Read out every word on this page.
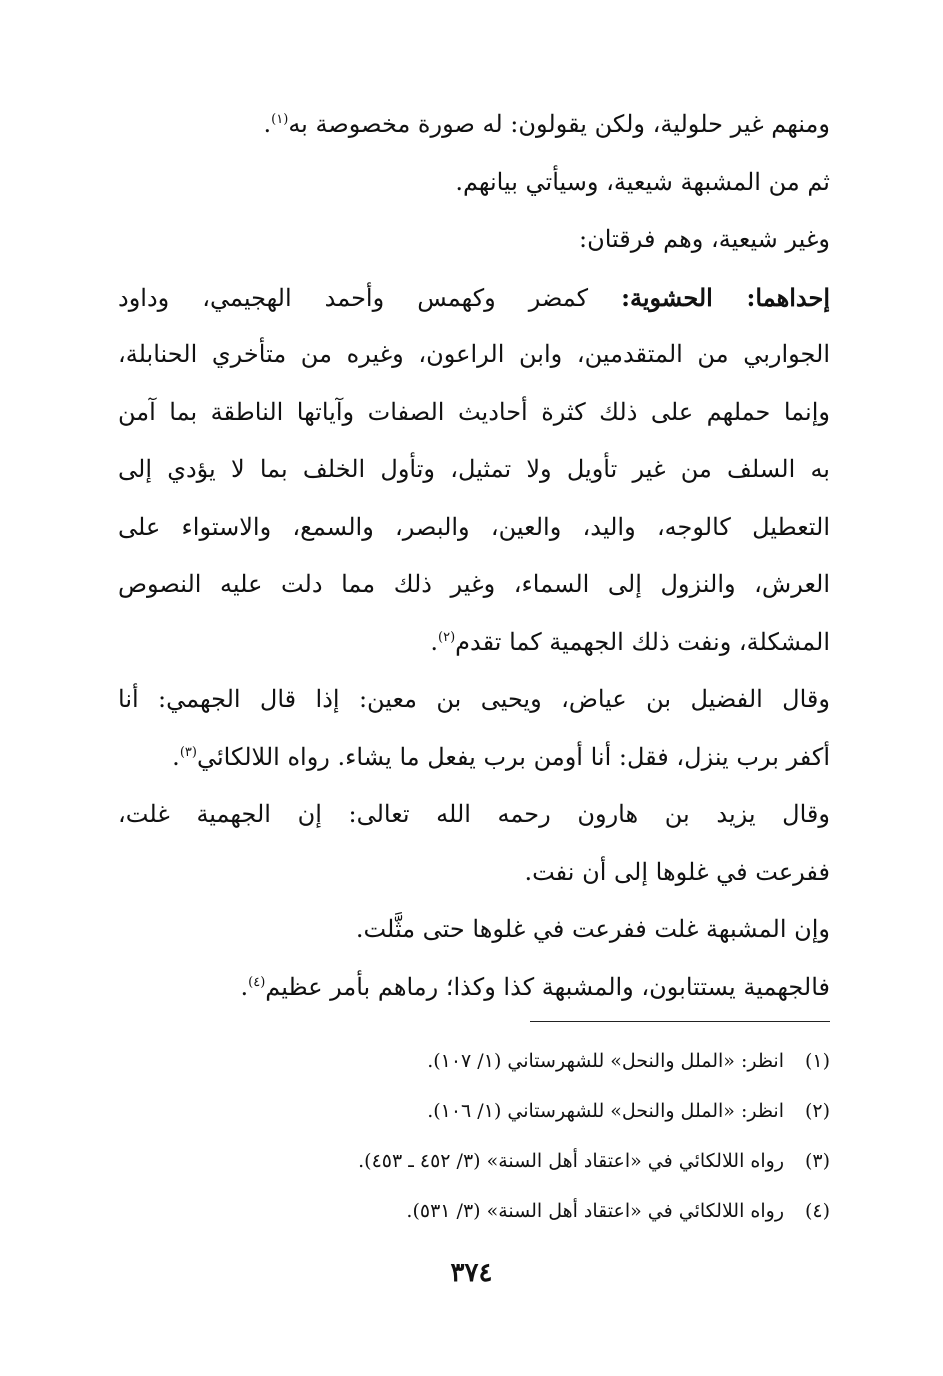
ومنهم غير حلولية، ولكن يقولون: له صورة مخصوصة به$^{(١)}$.
ثم من المشبهة شيعية، وسيأتي بيانهم.
وغير شيعية، وهم فرقتان:
إحداهما: الحشوية: كمضر وكهمس وأحمد الهجيمي، وداود
الجواربي من المتقدمين، وابن الراعون، وغيره من متأخري الحنابلة،
وإنما حملهم على ذلك كثرة أحاديث الصفات وآياتها الناطقة بما آمن
به السلف من غير تأويل ولا تمثيل، وتأول الخلف بما لا يؤدي إلى
التعطيل كالوجه، واليد، والعين، والبصر، والسمع، والاستواء على
العرش، والنزول إلى السماء، وغير ذلك مما دلت عليه النصوص
المشكلة، ونفت ذلك الجهمية كما تقدم$^{(٢)}$.
وقال الفضيل بن عياض، ويحيى بن معين: إذا قال الجهمي: أنا
أكفر برب ينزل، فقل: أنا أومن برب يفعل ما يشاء. رواه اللالكائي$^{(٣)}$.
وقال يزيد بن هارون رحمه الله تعالى: إن الجهمية غلت،
ففرعت في غلوها إلى أن نفت.
وإن المشبهة غلت ففرعت في غلوها حتى مثَّلت.
فالجهمية يستتابون، والمشبهة كذا وكذا؛ رماهم بأمر عظيم$^{(٤)}$.
(١)
انظر: «الملل والنحل» للشهرستاني (١/ ١٠٧).
(٢)
انظر: «الملل والنحل» للشهرستاني (١/ ١٠٦).
(٣)
رواه اللالكائي في «اعتقاد أهل السنة» (٣/ ٤٥٢ ـ ٤٥٣).
(٤)
رواه اللالكائي في «اعتقاد أهل السنة» (٣/ ٥٣١).
٣٧٤
